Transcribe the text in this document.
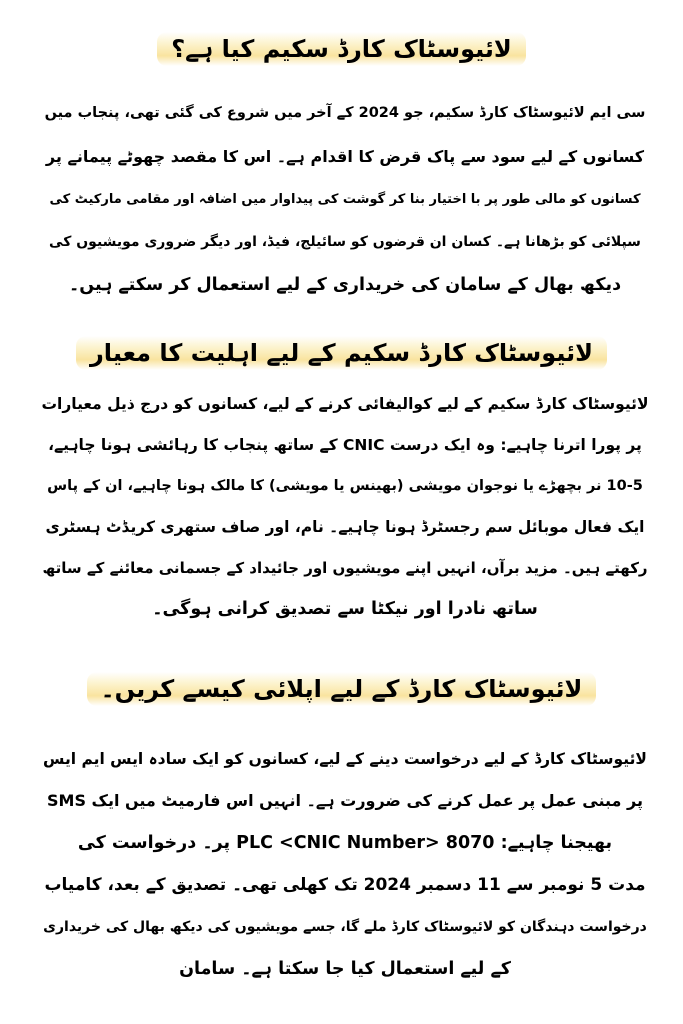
لائیوسٹاک کارڈ سکیم کیا ہے؟
سی ایم لائیوسٹاک کارڈ سکیم، جو 2024 کے آخر میں شروع کی گئی تھی، پنجاب میں
کسانوں کے لیے سود سے پاک قرض کا اقدام ہے۔ اس کا مقصد چھوٹے پیمانے پر
کسانوں کو مالی طور پر با اختیار بنا کر گوشت کی پیداوار میں اضافہ اور مقامی مارکیٹ کی
سپلائی کو بڑھانا ہے۔ کسان ان قرضوں کو سائیلج، فیڈ، اور دیگر ضروری مویشیوں کی
دیکھ بھال کے سامان کی خریداری کے لیے استعمال کر سکتے ہیں۔
لائیوسٹاک کارڈ سکیم کے لیے اہلیت کا معیار
لائیوسٹاک کارڈ سکیم کے لیے کوالیفائی کرنے کے لیے، کسانوں کو درج ذیل معیارات
پر پورا اترنا چاہیے: وہ ایک درست CNIC کے ساتھ پنجاب کا رہائشی ہونا چاہیے،
10-5 نر بچھڑے یا نوجوان مویشی (بھینس یا مویشی) کا مالک ہونا چاہیے، ان کے پاس
ایک فعال موبائل سم رجسٹرڈ ہونا چاہیے۔ نام، اور صاف ستھری کریڈٹ ہسٹری
رکھتے ہیں۔ مزید برآں، انہیں اپنے مویشیوں اور جائیداد کے جسمانی معائنے کے ساتھ
ساتھ نادرا اور نیکٹا سے تصدیق کرانی ہوگی۔
لائیوسٹاک کارڈ کے لیے اپلائی کیسے کریں۔
لائیوسٹاک کارڈ کے لیے درخواست دینے کے لیے، کسانوں کو ایک سادہ ایس ایم ایس
پر مبنی عمل پر عمل کرنے کی ضرورت ہے۔ انہیں اس فارمیٹ میں ایک SMS
بھیجنا چاہیے: 8070 <PLC <CNIC Number پر۔ درخواست کی
مدت 5 نومبر سے 11 دسمبر 2024 تک کھلی تھی۔ تصدیق کے بعد، کامیاب
درخواست دہندگان کو لائیوسٹاک کارڈ ملے گا، جسے مویشیوں کی دیکھ بھال کی خریداری
کے لیے استعمال کیا جا سکتا ہے۔ سامان
